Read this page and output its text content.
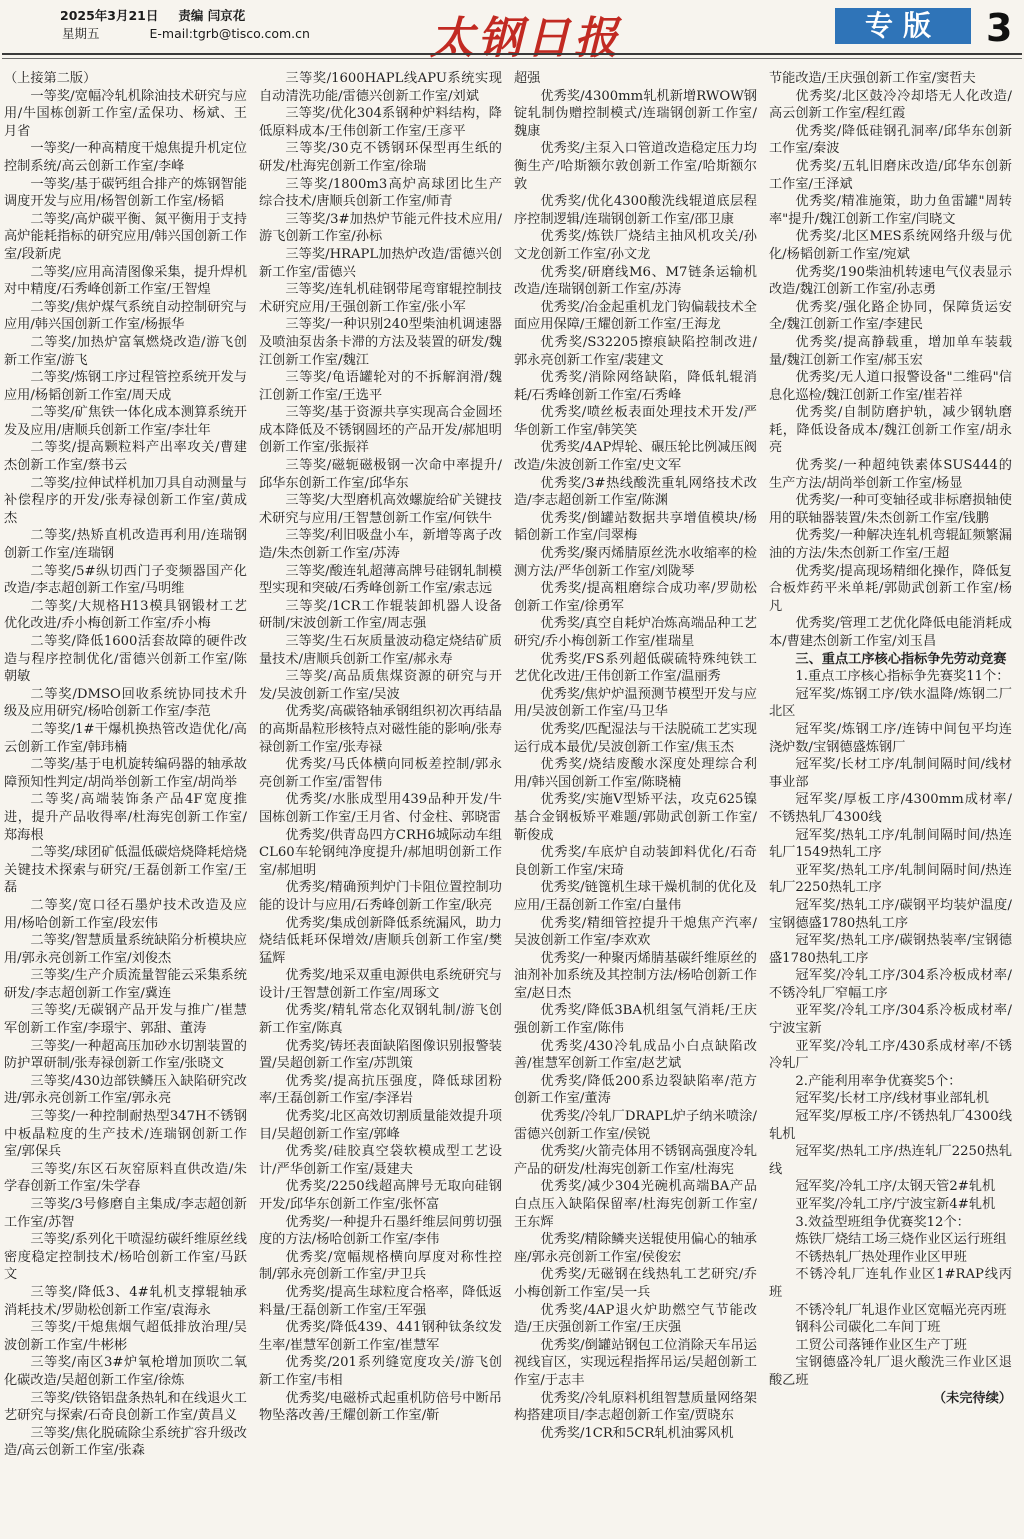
2025年3月21日 责编 闫京花
星期五	E-mail:tgrb@tisco.com.cn	太钢日报	专版	3

（上接第二版）

一等奖/宽幅冷轧机除油技术研究与应用/牛国栋创新工作室/孟保功、杨斌、王月省

一等奖/一种高精度干熄焦提升机定位控制系统/高云创新工作室/李峰

一等奖/基于碳钙组合排产的炼钢智能调度开发与应用/杨智创新工作室/杨韬

二等奖/高炉碳平衡、氮平衡用于支持高炉能耗指标的研究应用/韩兴国创新工作室/段新虎

二等奖/应用高清图像采集，提升焊机对中精度/石秀峰创新工作室/王智煌

二等奖/焦炉煤气系统自动控制研究与应用/韩兴国创新工作室/杨振华

二等奖/加热炉富氧燃烧改造/游飞创新工作室/游飞

二等奖/炼钢工序过程管控系统开发与应用/杨韬创新工作室/周天成

二等奖/矿焦铁一体化成本测算系统开发及应用/唐顺兵创新工作室/李壮年

二等奖/提高颗粒料产出率攻关/曹建杰创新工作室/蔡书云

二等奖/拉伸试样机加刀具自动测量与补偿程序的开发/张寿禄创新工作室/黄成杰

二等奖/热矫直机改造再利用/连瑞钢创新工作室/连瑞钢

二等奖/5#纵切西门子变频器国产化改造/李志超创新工作室/马明维

二等奖/大规格H13模具钢锻材工艺优化改进/乔小梅创新工作室/乔小梅

二等奖/降低1600活套故障的硬件改造与程序控制优化/雷德兴创新工作室/陈朝敏

二等奖/DMSO回收系统协同技术升级及应用研究/杨哈创新工作室/李范

二等奖/1#干爆机换热管改造优化/高云创新工作室/韩玮楠

二等奖/基于电机旋转编码器的轴承故障预知性判定/胡尚举创新工作室/胡尚举

二等奖/高端装饰条产品4F宽度推进，提升产品收得率/杜海宪创新工作室/郑海根

二等奖/球团矿低温低碳焙烧降耗焙烧关键技术探索与研究/王磊创新工作室/王磊

二等奖/宽口径石墨炉技术改造及应用/杨哈创新工作室/段宏伟

二等奖/智慧质量系统缺陷分析模块应用/郭永亮创新工作室/刘俊杰

三等奖/生产介质流量智能云采集系统研发/李志超创新工作室/冀连

三等奖/无碳钢产品开发与推广/崔慧军创新工作室/李璟宇、郭甜、董涛

三等奖/一种超高压加砂水切割装置的防护罩研制/张寿禄创新工作室/张晓文

三等奖/430边部铁鳞压入缺陷研究改进/郭永亮创新工作室/郭永亮

三等奖/一种控制耐热型347H不锈钢中板晶粒度的生产技术/连瑞钢创新工作室/郭保兵

三等奖/东区石灰窑原料直供改造/朱学春创新工作室/朱学春

三等奖/3号修磨自主集成/李志超创新工作室/苏智

三等奖/系列化干喷湿纺碳纤维原丝线密度稳定控制技术/杨哈创新工作室/马跃文

三等奖/降低3、4#轧机支撑辊轴承消耗技术/罗勋松创新工作室/袁海永

三等奖/干熄焦烟气超低排放治理/吴波创新工作室/牛彬彬

三等奖/南区3#炉氧枪增加顶吹二氧化碳改造/吴超创新工作室/徐炼

三等奖/铁铬铝盘条热轧和在线退火工艺研究与探索/石奇良创新工作室/黄昌义

三等奖/焦化脱硫除尘系统扩容升级改造/高云创新工作室/张森

三等奖/1600HAPL线APU系统实现自动清洗功能/雷德兴创新工作室/刘斌

三等奖/优化304系钢种炉料结构，降低原料成本/王伟创新工作室/王彦平

三等奖/30克不锈钢环保型再生纸的研发/杜海宪创新工作室/徐瑞

三等奖/1800m3高炉高球团比生产综合技术/唐顺兵创新工作室/师青

三等奖/3#加热炉节能元件技术应用/游飞创新工作室/孙标

三等奖/HRAPL加热炉改造/雷德兴创新工作室/雷德兴

三等奖/连轧机硅钢带尾弯窜辊控制技术研究应用/王强创新工作室/张小军

三等奖/一种识别240型柴油机调速器及喷油泵齿条卡滞的方法及装置的研发/魏江创新工作室/魏江

三等奖/龟语罐轮对的不拆解润滑/魏江创新工作室/王选平

三等奖/基于资源共享实现高合金圆坯成本降低及不锈钢圆坯的产品开发/郝旭明创新工作室/张振祥

三等奖/磁轭磁极钢一次命中率提升/邱华东创新工作室/邱华东

三等奖/大型磨机高效螺旋给矿关键技术研究与应用/王智慧创新工作室/何铁牛

三等奖/利旧吸盘小车，新增等离子改造/朱杰创新工作室/苏涛

三等奖/酸连轧超薄高牌号硅钢轧制模型实现和突破/石秀峰创新工作室/索志远

三等奖/1CR工作辊装卸机器人设备研制/宋波创新工作室/周志强

三等奖/生石灰质量波动稳定烧结矿质量技术/唐顺兵创新工作室/郝永寿

三等奖/高品质焦煤资源的研究与开发/吴波创新工作室/吴波

优秀奖/高碳铬轴承钢组织初次再结晶的高斯晶粒形核特点对磁性能的影响/张寿禄创新工作室/张寿禄

优秀奖/马氏体横向同板差控制/郭永亮创新工作室/雷智伟

优秀奖/水胀成型用439品种开发/牛国栋创新工作室/王月省、付金柱、郭晓雷

优秀奖/供青岛四方CRH6城际动车组CL60车轮钢纯净度提升/郝旭明创新工作室/郝旭明

优秀奖/精确预判炉门卡阻位置控制功能的设计与应用/石秀峰创新工作室/耿亮

优秀奖/集成创新降低系统漏风，助力烧结低耗环保增效/唐顺兵创新工作室/樊猛辉

优秀奖/地采双重电源供电系统研究与设计/王智慧创新工作室/周琢文

优秀奖/精轧常态化双钢轧制/游飞创新工作室/陈真

优秀奖/铸坯表面缺陷图像识别报警装置/吴超创新工作室/苏凯策

优秀奖/提高抗压强度，降低球团粉率/王磊创新工作室/李泽岩

优秀奖/北区高效切割质量能效提升项目/吴超创新工作室/郭峰

优秀奖/硅胶真空袋软模成型工艺设计/严华创新工作室/聂建夫

优秀奖/2250线超高牌号无取向硅钢开发/邱华东创新工作室/张怀富

优秀奖/一种提升石墨纤维层间剪切强度的方法/杨哈创新工作室/李伟

优秀奖/宽幅规格横向厚度对称性控制/郭永亮创新工作室/尹卫兵

优秀奖/提高生球粒度合格率，降低返料量/王磊创新工作室/王军强

优秀奖/降低439、441钢种钛条纹发生率/崔慧军创新工作室/崔慧军

优秀奖/201系列缝宽度攻关/游飞创新工作室/韦相

优秀奖/电磁桥式起重机防倍号中断吊物坠落改善/王耀创新工作室/靳

超强

优秀奖/4300mm轧机新增RWOW钢锭轧制伪赠控制模式/连瑞钢创新工作室/魏康

优秀奖/主泵入口管道改造稳定压力均衡生产/哈斯额尔敦创新工作室/哈斯额尔敦

优秀奖/优化4300酸洗线辊道底层程序控制逻辑/连瑞钢创新工作室/邵卫康

优秀奖/炼铁厂烧结主抽风机攻关/孙文龙创新工作室/孙文龙

优秀奖/研磨线M6、M7链条运输机改造/连瑞钢创新工作室/苏涛

优秀奖/冶金起重机龙门钩偏载技术全面应用保障/王耀创新工作室/王海龙

优秀奖/S32205擦痕缺陷控制改进/郭永亮创新工作室/裴建文

优秀奖/消除网络缺陷，降低轧辊消耗/石秀峰创新工作室/石秀峰

优秀奖/喷丝板表面处理技术开发/严华创新工作室/韩笑笑

优秀奖/4AP焊轮、碾压轮比例减压阀改造/朱波创新工作室/史文军

优秀奖/3#热线酸洗重轧网络技术改造/李志超创新工作室/陈渊

优秀奖/倒罐站数据共享增值模块/杨韬创新工作室/闫翠梅

优秀奖/聚丙烯腈原丝洗水收缩率的检测方法/严华创新工作室/刘陇琴

优秀奖/提高粗磨综合成功率/罗勋松创新工作室/徐勇军

优秀奖/真空自耗炉冶炼高端品种工艺研究/乔小梅创新工作室/崔瑞星

优秀奖/FS系列超低碳硫特殊纯铁工艺优化改进/王伟创新工作室/温丽秀

优秀奖/焦炉炉温预测节模型开发与应用/吴波创新工作室/马卫华

优秀奖/匹配湿法与干法脱硫工艺实现运行成本最优/吴波创新工作室/焦玉杰

优秀奖/烧结废酸水深度处理综合利用/韩兴国创新工作室/陈晓楠

优秀奖/实施V型矫平法，攻克625镍基合金钢板矫平难题/郭勋武创新工作室/靳俊成

优秀奖/车底炉自动装卸料优化/石奇良创新工作室/宋琦

优秀奖/链篦机生球干燥机制的优化及应用/王磊创新工作室/白量伟

优秀奖/精细管控提升干熄焦产汽率/吴波创新工作室/李欢欢

优秀奖/一种聚丙烯腈基碳纤维原丝的油剂补加系统及其控制方法/杨哈创新工作室/赵日杰

优秀奖/降低3BA机组氢气消耗/王庆强创新工作室/陈伟

优秀奖/430冷轧成品小白点缺陷改善/崔慧军创新工作室/赵艺斌

优秀奖/降低200系边裂缺陷率/范方创新工作室/董涛

优秀奖/冷轧厂DRAPL炉子纳米喷涂/雷德兴创新工作室/侯锐

优秀奖/火箭壳体用不锈钢高强度冷轧产品的研发/杜海宪创新工作室/杜海宪

优秀奖/减少304光碗机高端BA产品白点压入缺陷保留率/杜海宪创新工作室/王东辉

优秀奖/精除鳞夹送辊使用偏心的轴承座/郭永亮创新工作室/侯俊宏

优秀奖/无磁钢在线热轧工艺研究/乔小梅创新工作室/吴一兵

优秀奖/4AP退火炉助燃空气节能改造/王庆强创新工作室/王庆强

优秀奖/倒罐站钢包工位消除天车吊运视线盲区，实现远程指挥吊运/吴超创新工作室/于志丰

优秀奖/冷轧原料机组智慧质量网络架构搭建项目/李志超创新工作室/贾晓东

优秀奖/1CR和5CR轧机油雾风机

节能改造/王庆强创新工作室/窦哲夫

优秀奖/北区鼓冷冷却塔无人化改造/高云创新工作室/程红霞

优秀奖/降低硅钢孔洞率/邱华东创新工作室/秦波

优秀奖/五轧旧磨床改造/邱华东创新工作室/王泽斌

优秀奖/精准施策，助力鱼雷罐"周转率"提升/魏江创新工作室/闫晓文

优秀奖/北区MES系统网络升级与优化/杨韬创新工作室/宛斌

优秀奖/190柴油机转速电气仪表显示改造/魏江创新工作室/孙志勇

优秀奖/强化路企协同，保障货运安全/魏江创新工作室/李建民

优秀奖/提高静载重，增加单车装载量/魏江创新工作室/郝玉宏

优秀奖/无人道口报警设备"二维码"信息化巡检/魏江创新工作室/崔若祥

优秀奖/自制防磨护轨，减少钢轨磨耗，降低设备成本/魏江创新工作室/胡永亮

优秀奖/一种超纯铁素体SUS444的生产方法/胡尚举创新工作室/杨显

优秀奖/一种可变轴径或非标磨损轴使用的联轴器装置/朱杰创新工作室/钱鹏

优秀奖/一种解决连轧机弯辊缸频繁漏油的方法/朱杰创新工作室/王超

优秀奖/提高现场精细化操作，降低复合板炸药平米单耗/郭勋武创新工作室/杨凡

优秀奖/管理工艺优化降低电能消耗成本/曹建杰创新工作室/刘玉昌

三、重点工序核心指标争先劳动竞赛

1.重点工序核心指标争先赛奖11个：

冠军奖/炼钢工序/铁水温降/炼钢二厂北区

冠军奖/炼钢工序/连铸中间包平均连浇炉数/宝钢德盛炼钢厂

冠军奖/长材工序/轧制间隔时间/线材事业部

冠军奖/厚板工序/4300mm成材率/不锈热轧厂4300线

冠军奖/热轧工序/轧制间隔时间/热连轧厂1549热轧工序

亚军奖/热轧工序/轧制间隔时间/热连轧厂2250热轧工序

冠军奖/热轧工序/碳钢平均装炉温度/宝钢德盛1780热轧工序

冠军奖/热轧工序/碳钢热装率/宝钢德盛1780热轧工序

冠军奖/冷轧工序/304系冷板成材率/不锈冷轧厂窄幅工序

亚军奖/冷轧工序/304系冷板成材率/宁波宝新

亚军奖/冷轧工序/430系成材率/不锈冷轧厂

2.产能利用率争优赛奖5个：

冠军奖/长材工序/线材事业部轧机

冠军奖/厚板工序/不锈热轧厂4300线轧机

冠军奖/热轧工序/热连轧厂2250热轧线

冠军奖/冷轧工序/太钢天管2#轧机

亚军奖/冷轧工序/宁波宝新4#轧机

3.效益型班组争优赛奖12个：

炼铁厂烧结工场三烧作业区运行班组

不锈热轧厂热处理作业区甲班

不锈冷轧厂连轧作业区1#RAP线丙班

不锈冷轧厂轧退作业区宽幅光亮丙班

钢科公司碳化二车间丁班

工贸公司落锤作业区生产丁班

宝钢德盛冷轧厂退火酸洗三作业区退酸乙班

（未完待续）
